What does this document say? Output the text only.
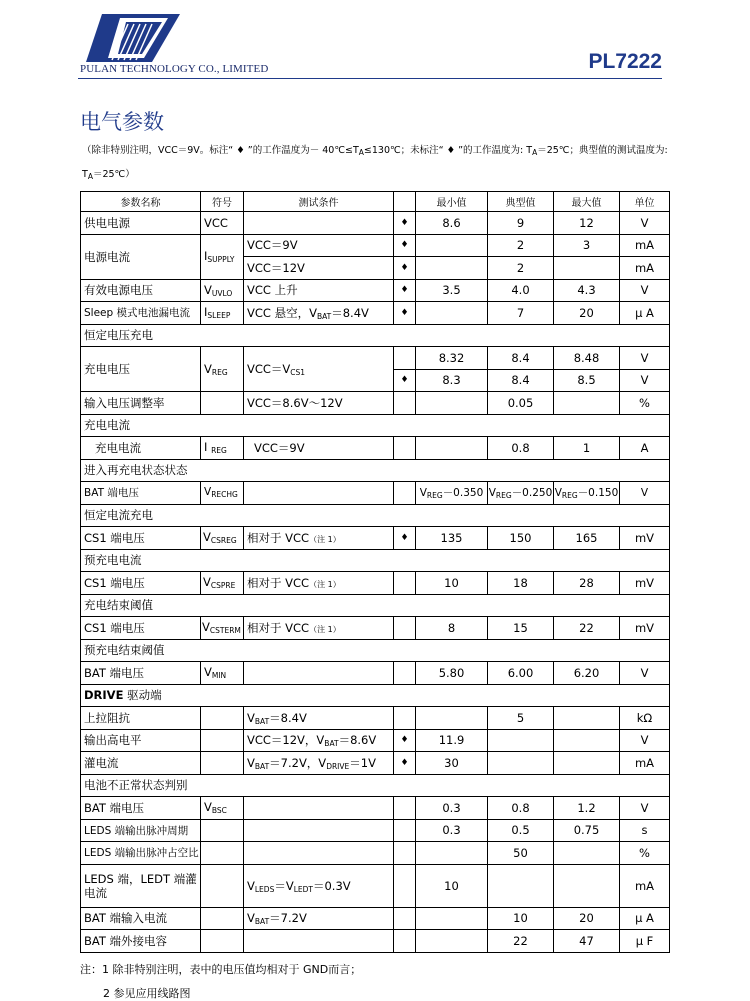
PULAN TECHNOLOGY CO., LIMITED	PL7222
电气参数
（除非特别注明，VCC＝9V。标注“ ♦ ”的工作温度为－ $40℃\le T_A\le 130℃$；未标注“ ♦ ”的工作温度为: $T_A=25℃$；典型值的测试温度为:
$T_A=25℃$）
参数名称	符号	测试条件		最小值	典型值	最大值	单位
供电电源	VCC		♦	8.6	9	12	V
电源电流	$I_{SUPPLY}$	VCC＝9V	♦		2	3	mA
		VCC＝12V	♦		2		mA
有效电源电压	$V_{UVLO}$	VCC 上升	♦	3.5	4.0	4.3	V
Sleep 模式电池漏电流	$I_{SLEEP}$	VCC 悬空，$V_{BAT}=8.4V$	♦		7	20	μ A
恒定电压充电							
充电电压	$V_{REG}$	$VCC=V_{CS1}$		8.32	8.4	8.48	V
			♦	8.3	8.4	8.5	V
输入电压调整率		VCC＝8.6V～12V			0.05		%
充电电流							
充电电流	I $_{REG}$	VCC＝9V			0.8	1	A
进入再充电状态状态							
BAT 端电压	$V_{RECHG}$			$V_{REG}-0.350$	$V_{REG}-0.250$	$V_{REG}-0.150$	V
恒定电流充电							
CS1 端电压	$V_{CSREG}$	相对于 VCC（注 1）	♦	135	150	165	mV
预充电电流							
CS1 端电压	$V_{CSPRE}$	相对于 VCC（注 1）		10	18	28	mV
充电结束阈值							
CS1 端电压	$V_{CSTERM}$	相对于 VCC（注 1）		8	15	22	mV
预充电结束阈值							
BAT 端电压	$V_{MIN}$			5.80	6.00	6.20	V
DRIVE 驱动端							
上拉阻抗		$V_{BAT}=8.4V$			5		kΩ
输出高电平		VCC＝12V，$V_{BAT}=8.6V$	♦	11.9			V
灌电流		$V_{BAT}=7.2V$，$V_{DRIVE}=1V$	♦	30			mA
电池不正常状态判别							
BAT 端电压	$V_{BSC}$			0.3	0.8	1.2	V
LEDS 端输出脉冲周期				0.3	0.5	0.75	s
LEDS 端输出脉冲占空比					50		%
LEDS 端，LEDT 端灌电流		$V_{LEDS}=V_{LEDT}=0.3V$		10			mA
BAT 端输入电流		$V_{BAT}=7.2V$			10	20	μ A
BAT 端外接电容					22	47	μ F
注：1 除非特别注明，表中的电压值均相对于 GND而言；
2 参见应用线路图
